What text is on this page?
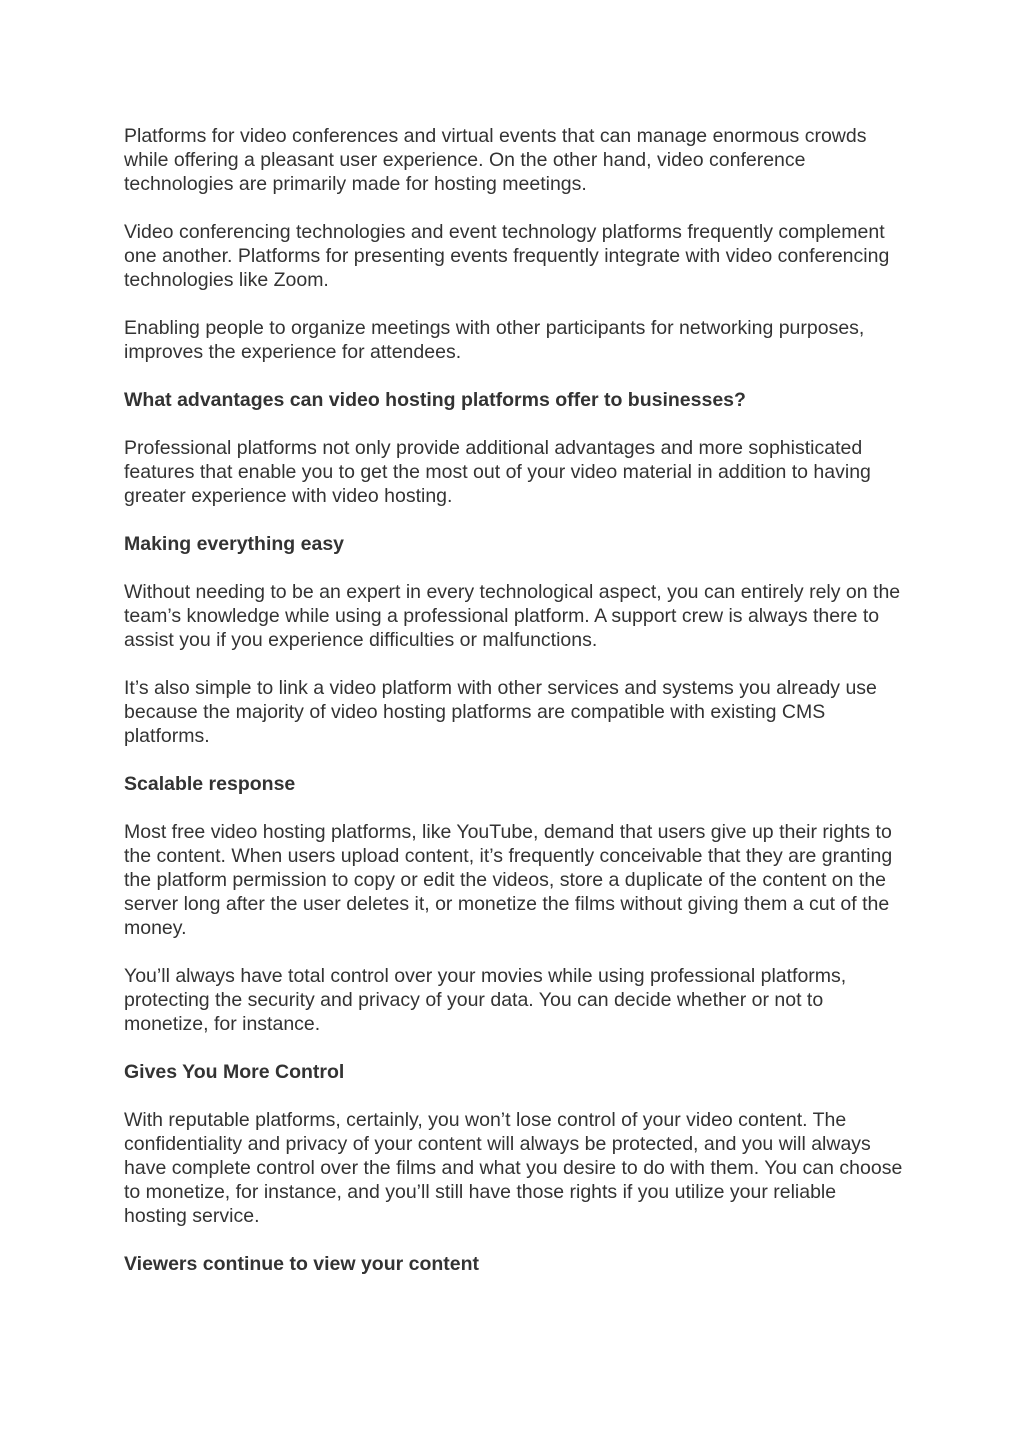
Platforms for video conferences and virtual events that can manage enormous crowds while offering a pleasant user experience. On the other hand, video conference technologies are primarily made for hosting meetings.

Video conferencing technologies and event technology platforms frequently complement one another. Platforms for presenting events frequently integrate with video conferencing technologies like Zoom.

Enabling people to organize meetings with other participants for networking purposes, improves the experience for attendees.

What advantages can video hosting platforms offer to businesses?

Professional platforms not only provide additional advantages and more sophisticated features that enable you to get the most out of your video material in addition to having greater experience with video hosting.

Making everything easy

Without needing to be an expert in every technological aspect, you can entirely rely on the team’s knowledge while using a professional platform. A support crew is always there to assist you if you experience difficulties or malfunctions.

It’s also simple to link a video platform with other services and systems you already use because the majority of video hosting platforms are compatible with existing CMS platforms.

Scalable response

Most free video hosting platforms, like YouTube, demand that users give up their rights to the content. When users upload content, it’s frequently conceivable that they are granting the platform permission to copy or edit the videos, store a duplicate of the content on the server long after the user deletes it, or monetize the films without giving them a cut of the money.

You’ll always have total control over your movies while using professional platforms, protecting the security and privacy of your data. You can decide whether or not to monetize, for instance.

Gives You More Control

With reputable platforms, certainly, you won’t lose control of your video content. The confidentiality and privacy of your content will always be protected, and you will always have complete control over the films and what you desire to do with them. You can choose to monetize, for instance, and you’ll still have those rights if you utilize your reliable hosting service.

Viewers continue to view your content
